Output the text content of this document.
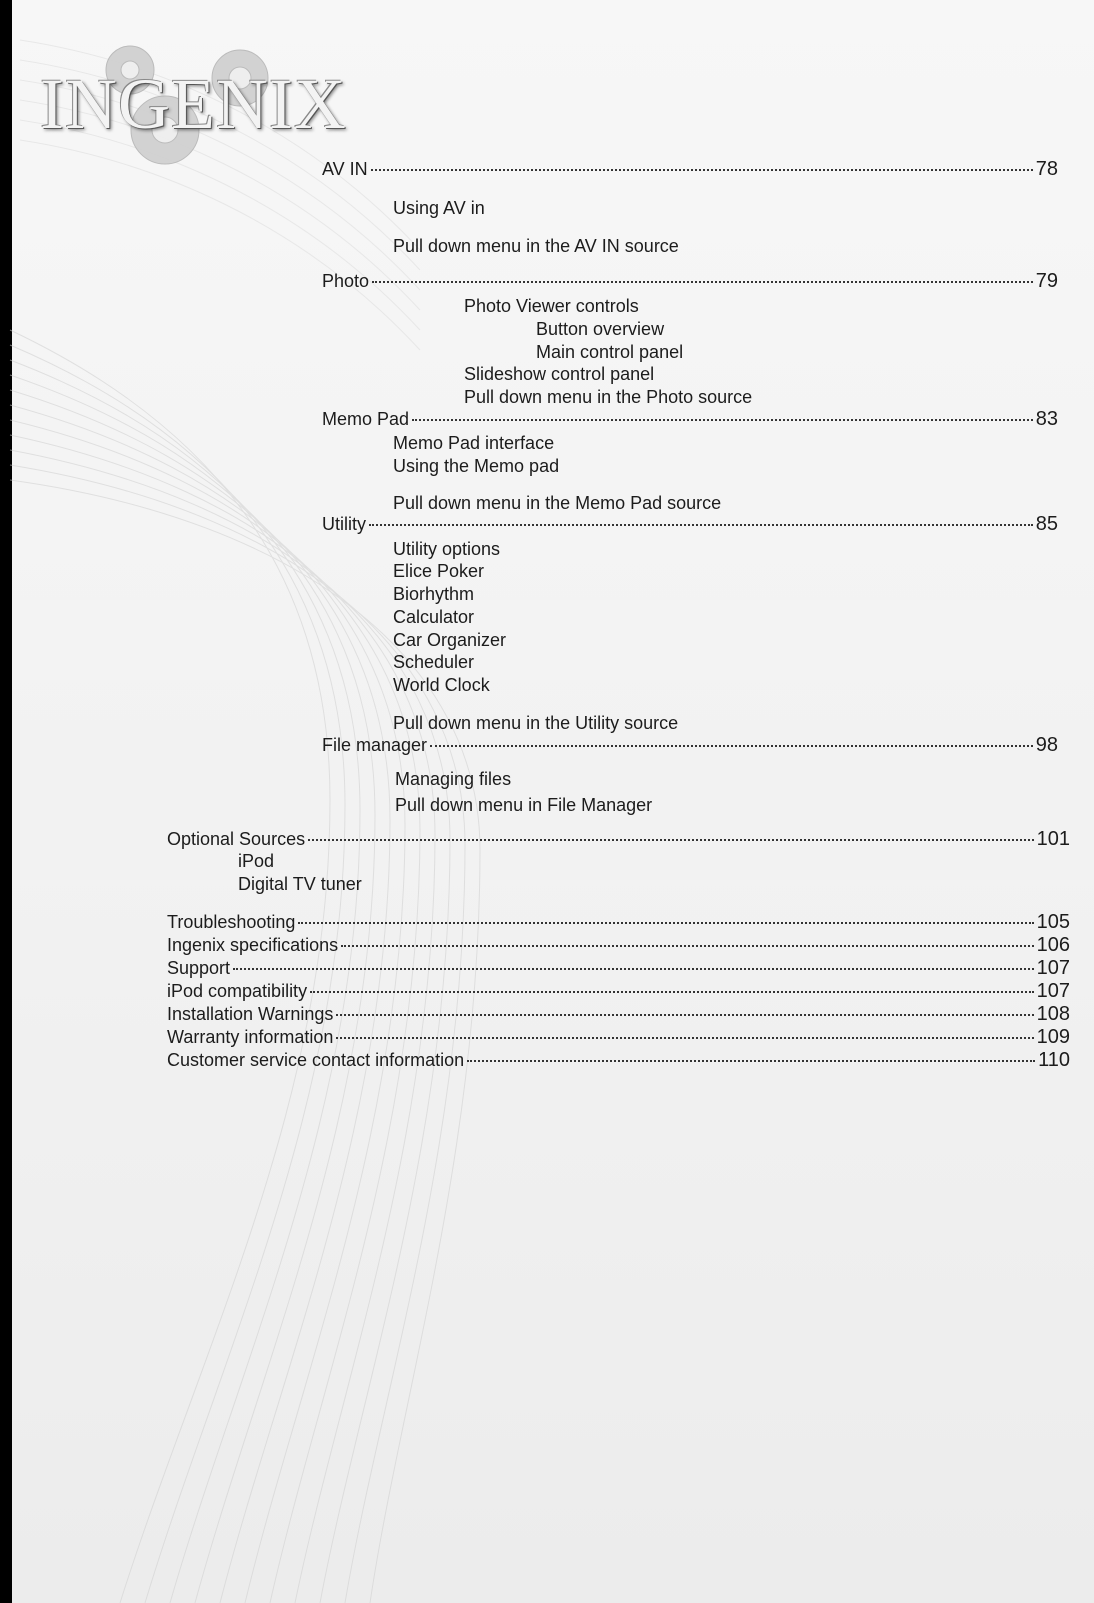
INGENIX
AV IN	78
Using AV in
Pull down menu in the AV IN source
Photo	79
Photo Viewer controls
Button overview
Main control panel
Slideshow control panel
Pull down menu in the Photo source
Memo Pad	83
Memo Pad interface
Using the Memo pad
Pull down menu in the Memo Pad source
Utility	85
Utility options
Elice Poker
Biorhythm
Calculator
Car Organizer
Scheduler
World Clock
Pull down menu in the Utility source
File manager	98
Managing files
Pull down menu in File Manager
Optional Sources	101
iPod
Digital TV tuner
Troubleshooting	105
Ingenix specifications	106
Support	107
iPod compatibility	107
Installation Warnings	108
Warranty information	109
Customer service contact information	110
